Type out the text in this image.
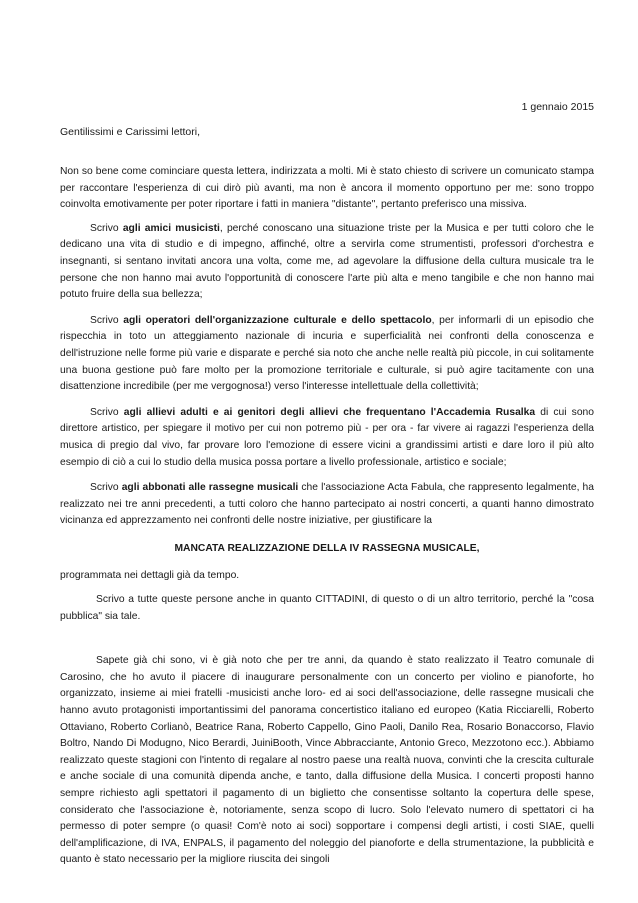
1 gennaio 2015
Gentilissimi e Carissimi lettori,

Non so bene come cominciare questa lettera, indirizzata a molti. Mi è stato chiesto di scrivere un comunicato stampa per raccontare l'esperienza di cui dirò più avanti, ma non è ancora il momento opportuno per me: sono troppo coinvolta emotivamente per poter riportare i fatti in maniera "distante", pertanto preferisco una missiva.

Scrivo agli amici musicisti, perché conoscano una situazione triste per la Musica e per tutti coloro che le dedicano una vita di studio e di impegno, affinché, oltre a servirla come strumentisti, professori d'orchestra e insegnanti, si sentano invitati ancora una volta, come me, ad agevolare la diffusione della cultura musicale tra le persone che non hanno mai avuto l'opportunità di conoscere l'arte più alta e meno tangibile e che non hanno mai potuto fruire della sua bellezza;

Scrivo agli operatori dell'organizzazione culturale e dello spettacolo, per informarli di un episodio che rispecchia in toto un atteggiamento nazionale di incuria e superficialità nei confronti della conoscenza e dell'istruzione nelle forme più varie e disparate e perché sia noto che anche nelle realtà più piccole, in cui solitamente una buona gestione può fare molto per la promozione territoriale e culturale, si può agire tacitamente con una disattenzione incredibile (per me vergognosa!) verso l'interesse intellettuale della collettività;

Scrivo agli allievi adulti e ai genitori degli allievi che frequentano l'Accademia Rusalka di cui sono direttore artistico, per spiegare il motivo per cui non potremo più - per ora - far vivere ai ragazzi l'esperienza della musica di pregio dal vivo, far provare loro l'emozione di essere vicini a grandissimi artisti e dare loro il più alto esempio di ciò a cui lo studio della musica possa portare a livello professionale, artistico e sociale;

Scrivo agli abbonati alle rassegne musicali che l'associazione Acta Fabula, che rappresento legalmente, ha realizzato nei tre anni precedenti, a tutti coloro che hanno partecipato ai nostri concerti, a quanti hanno dimostrato vicinanza ed apprezzamento nei confronti delle nostre iniziative, per giustificare la

MANCATA REALIZZAZIONE DELLA IV RASSEGNA MUSICALE,

programmata nei dettagli già da tempo.

Scrivo a tutte queste persone anche in quanto CITTADINI, di questo o di un altro territorio, perché la "cosa pubblica" sia tale.

Sapete già chi sono, vi è già noto che per tre anni, da quando è stato realizzato il Teatro comunale di Carosino, che ho avuto il piacere di inaugurare personalmente con un concerto per violino e pianoforte, ho organizzato, insieme ai miei fratelli -musicisti anche loro- ed ai soci dell'associazione, delle rassegne musicali che hanno avuto protagonisti importantissimi del panorama concertistico italiano ed europeo (Katia Ricciarelli, Roberto Ottaviano, Roberto Corlianò, Beatrice Rana, Roberto Cappello, Gino Paoli, Danilo Rea, Rosario Bonaccorso, Flavio Boltro, Nando Di Modugno, Nico Berardi, JuiniBooth, Vince Abbracciante, Antonio Greco, Mezzotono ecc.). Abbiamo realizzato queste stagioni con l'intento di regalare al nostro paese una realtà nuova, convinti che la crescita culturale e anche sociale di una comunità dipenda anche, e tanto, dalla diffusione della Musica. I concerti proposti hanno sempre richiesto agli spettatori il pagamento di un biglietto che consentisse soltanto la copertura delle spese, considerato che l'associazione è, notoriamente, senza scopo di lucro. Solo l'elevato numero di spettatori ci ha permesso di poter sempre (o quasi! Com'è noto ai soci) sopportare i compensi degli artisti, i costi SIAE, quelli dell'amplificazione, di IVA, ENPALS, il pagamento del noleggio del pianoforte e della strumentazione, la pubblicità e quanto è stato necessario per la migliore riuscita dei singoli
